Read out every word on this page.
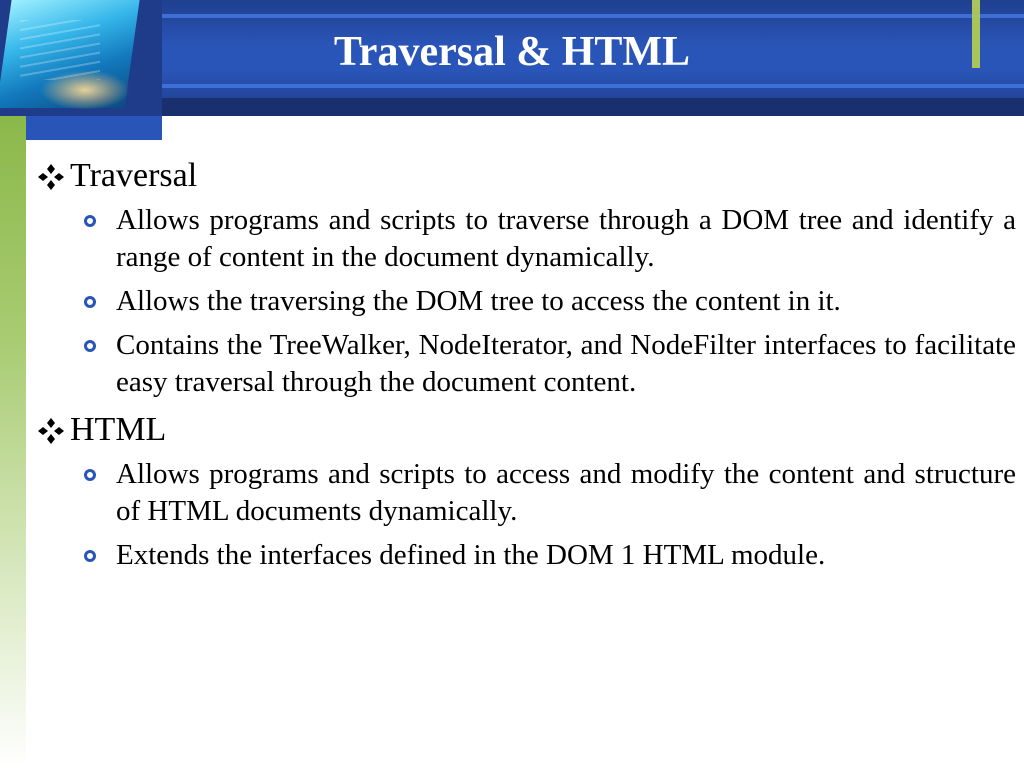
Traversal & HTML
Traversal
Allows programs and scripts to traverse through a DOM tree and identify a range of content in the document dynamically.
Allows the traversing the DOM tree to access the content in it.
Contains the TreeWalker, NodeIterator, and NodeFilter interfaces to facilitate easy traversal through the document content.
HTML
Allows programs and scripts to access and modify the content and structure of HTML documents dynamically.
Extends the interfaces defined in the DOM 1 HTML module.
